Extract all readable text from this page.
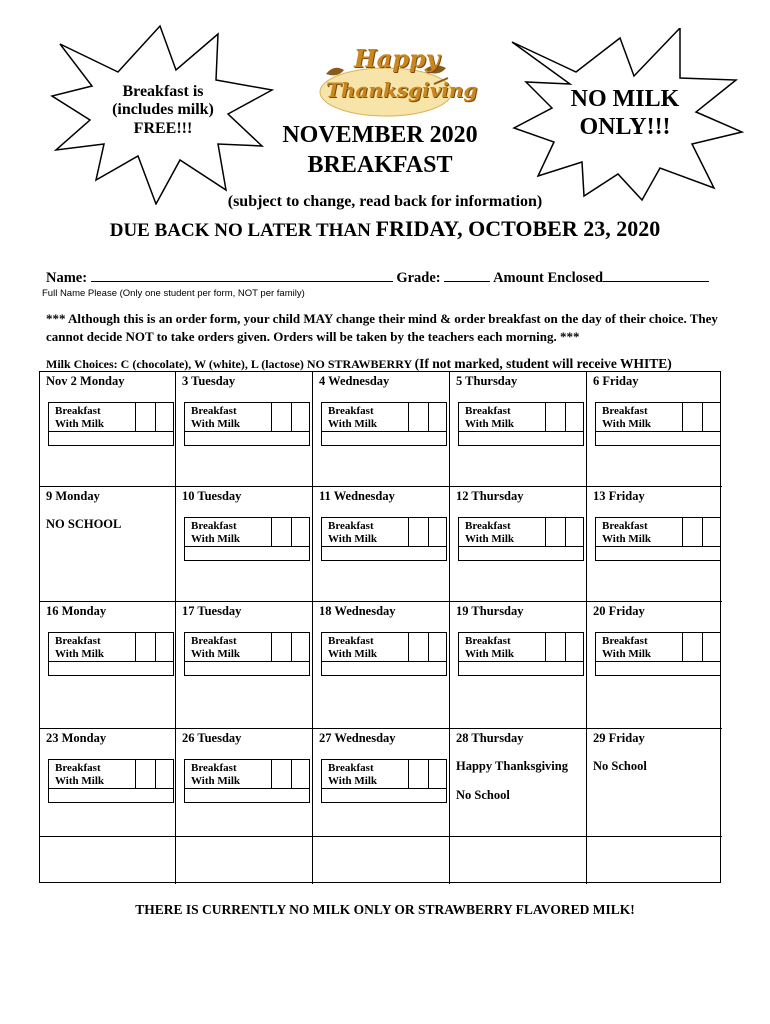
Breakfast is
(includes milk)
FREE!!!
NO MILK
ONLY!!!
Happy
Thanksgiving
NOVEMBER 2020
BREAKFAST
(subject to change, read back for information)
DUE BACK NO LATER THAN FRIDAY, OCTOBER 23, 2020
Name:	Grade:	Amount Enclosed
Full Name Please (Only one student per form, NOT per family)
*** Although this is an order form, your child MAY change their mind & order breakfast on the day of their choice. They cannot decide NOT to take orders given. Orders will be taken by the teachers each morning. ***
Milk Choices: C (chocolate), W (white), L (lactose) NO STRAWBERRY (If not marked, student will receive WHITE)
Nov 2 Monday
Breakfast
With Milk
3 Tuesday
Breakfast
With Milk
4 Wednesday
Breakfast
With Milk
5 Thursday
Breakfast
With Milk
6 Friday
Breakfast
With Milk
9 Monday
NO SCHOOL
10 Tuesday
Breakfast
With Milk
11 Wednesday
Breakfast
With Milk
12 Thursday
Breakfast
With Milk
13 Friday
Breakfast
With Milk
16 Monday
Breakfast
With Milk
17 Tuesday
Breakfast
With Milk
18 Wednesday
Breakfast
With Milk
19 Thursday
Breakfast
With Milk
20 Friday
Breakfast
With Milk
23 Monday
Breakfast
With Milk
26 Tuesday
Breakfast
With Milk
27 Wednesday
Breakfast
With Milk
28 Thursday
Happy Thanksgiving
No School
29 Friday
No School
THERE IS CURRENTLY NO MILK ONLY OR STRAWBERRY FLAVORED MILK!
